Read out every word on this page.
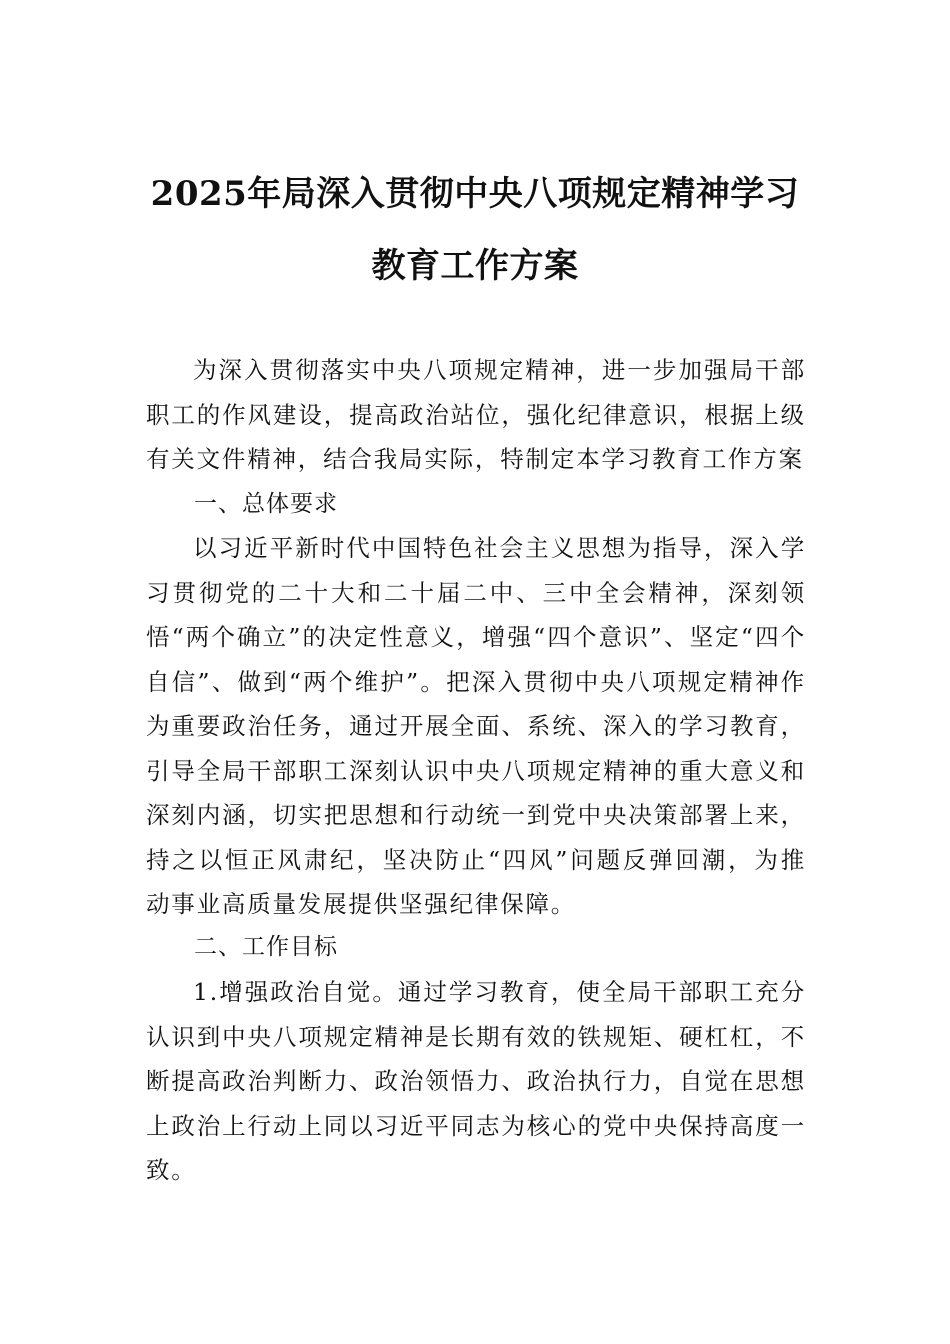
2025年局深入贯彻中央八项规定精神学习
教育工作方案

为深入贯彻落实中央八项规定精神，进一步加强局干部职工的作风建设，提高政治站位，强化纪律意识，根据上级有关文件精神，结合我局实际，特制定本学习教育工作方案

一、总体要求

以习近平新时代中国特色社会主义思想为指导，深入学习贯彻党的二十大和二十届二中、三中全会精神，深刻领悟“两个确立”的决定性意义，增强“四个意识”、坚定“四个自信”、做到“两个维护”。把深入贯彻中央八项规定精神作为重要政治任务，通过开展全面、系统、深入的学习教育，引导全局干部职工深刻认识中央八项规定精神的重大意义和深刻内涵，切实把思想和行动统一到党中央决策部署上来，持之以恒正风肃纪，坚决防止“四风”问题反弹回潮，为推动事业高质量发展提供坚强纪律保障。

二、工作目标

1.增强政治自觉。通过学习教育，使全局干部职工充分认识到中央八项规定精神是长期有效的铁规矩、硬杠杠，不断提高政治判断力、政治领悟力、政治执行力，自觉在思想上政治上行动上同以习近平同志为核心的党中央保持高度一致。
